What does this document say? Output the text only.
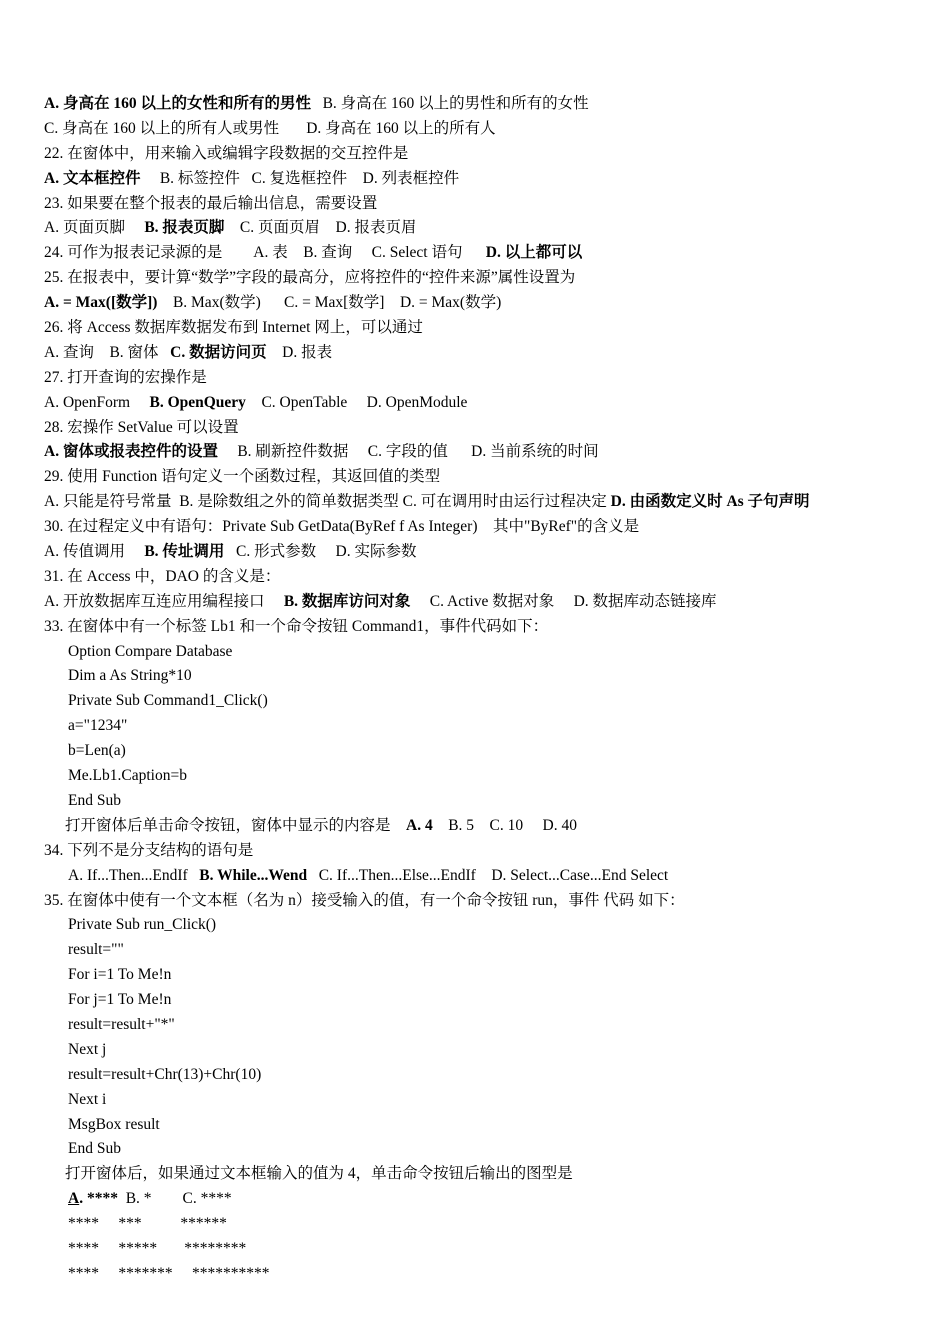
A. 身高在 160 以上的女性和所有的男性   B. 身高在 160 以上的男性和所有的女性
C. 身高在 160 以上的所有人或男性       D. 身高在 160 以上的所有人
22. 在窗体中，用来输入或编辑字段数据的交互控件是
A. 文本框控件     B. 标签控件   C. 复选框控件    D. 列表框控件
23. 如果要在整个报表的最后输出信息，需要设置
A. 页面页脚     B. 报表页脚    C. 页面页眉    D. 报表页眉
24. 可作为报表记录源的是        A. 表    B. 查询     C. Select 语句      D. 以上都可以
25. 在报表中，要计算“数学”字段的最高分，应将控件的“控件来源”属性设置为
A. = Max([数学])    B. Max(数学)      C. = Max[数学]    D. = Max(数学)
26. 将 Access 数据库数据发布到 Internet 网上，可以通过
A. 查询    B. 窗体   C. 数据访问页    D. 报表
27. 打开查询的宏操作是
A. OpenForm     B. OpenQuery    C. OpenTable     D. OpenModule
28. 宏操作 SetValue 可以设置
A. 窗体或报表控件的设置     B. 刷新控件数据     C. 字段的值      D. 当前系统的时间
29. 使用 Function 语句定义一个函数过程，其返回值的类型
A. 只能是符号常量  B. 是除数组之外的简单数据类型 C. 可在调用时由运行过程决定 D. 由函数定义时 As 子句声明
30. 在过程定义中有语句：Private Sub GetData(ByRef f As Integer)    其中"ByRef"的含义是
A. 传值调用     B. 传址调用   C. 形式参数     D. 实际参数
31. 在 Access 中，DAO 的含义是：
A. 开放数据库互连应用编程接口     B. 数据库访问对象     C. Active 数据对象     D. 数据库动态链接库
33. 在窗体中有一个标签 Lb1 和一个命令按钮 Command1，事件代码如下：
Option Compare Database
Dim a As String*10
Private Sub Command1_Click()
a="1234"
b=Len(a)
Me.Lb1.Caption=b
End Sub
打开窗体后单击命令按钮，窗体中显示的内容是    A. 4    B. 5    C. 10     D. 40
34. 下列不是分支结构的语句是
A. If...Then...EndIf   B. While...Wend   C. If...Then...Else...EndIf    D. Select...Case...End Select
35. 在窗体中使有一个文本框（名为 n）接受输入的值，有一个命令按钮 run，事件 代码 如下：
Private Sub run_Click()
result=""
For i=1 To Me!n
For j=1 To Me!n
result=result+"*"
Next j
result=result+Chr(13)+Chr(10)
Next i
MsgBox result
End Sub
打开窗体后，如果通过文本框输入的值为 4，单击命令按钮后输出的图型是
A. ****  B. *        C. ****
****     ***          ******
****     *****       ********
****     *******     **********
